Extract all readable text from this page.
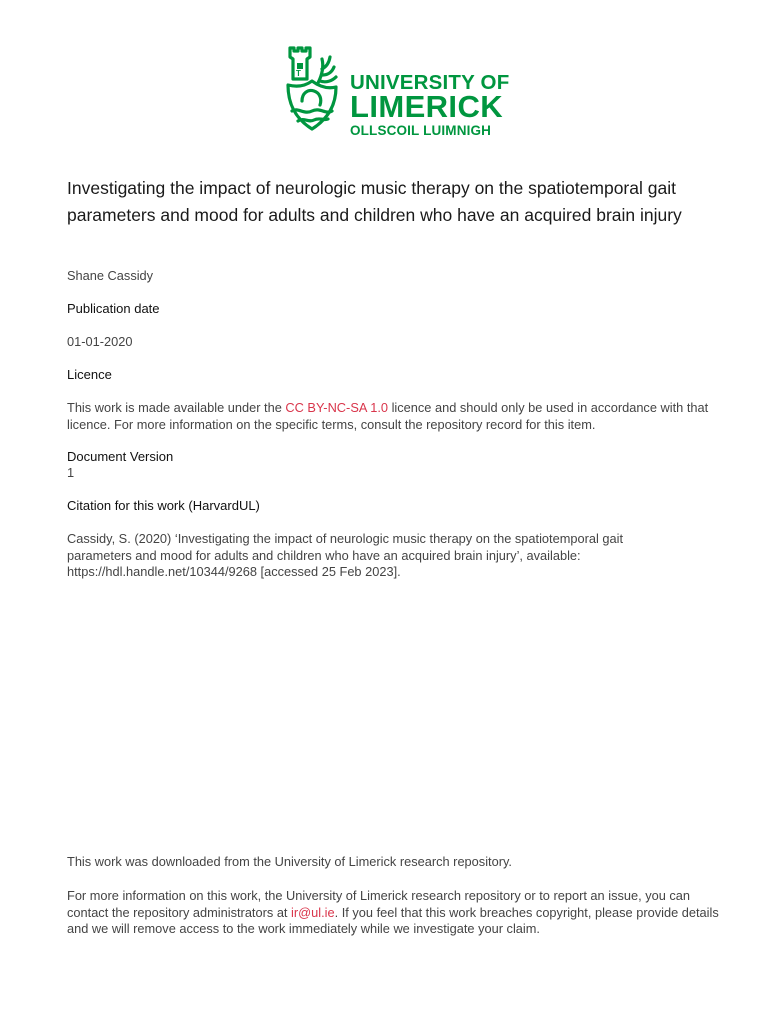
T UNIVERSITY OF
LIMERICK
OLLSCOIL LUIMNIGH
Investigating the impact of neurologic music therapy on the spatiotemporal gait parameters and mood for adults and children who have an acquired brain injury
Shane Cassidy
Publication date
01-01-2020
Licence
This work is made available under the CC BY-NC-SA 1.0 licence and should only be used in accordance with that licence. For more information on the specific terms, consult the repository record for this item.
Document Version
1
Citation for this work (HarvardUL)
Cassidy, S. (2020) ‘Investigating the impact of neurologic music therapy on the spatiotemporal gait parameters and mood for adults and children who have an acquired brain injury’, available: https://hdl.handle.net/10344/9268 [accessed 25 Feb 2023].
This work was downloaded from the University of Limerick research repository.
For more information on this work, the University of Limerick research repository or to report an issue, you can contact the repository administrators at ir@ul.ie. If you feel that this work breaches copyright, please provide details and we will remove access to the work immediately while we investigate your claim.
